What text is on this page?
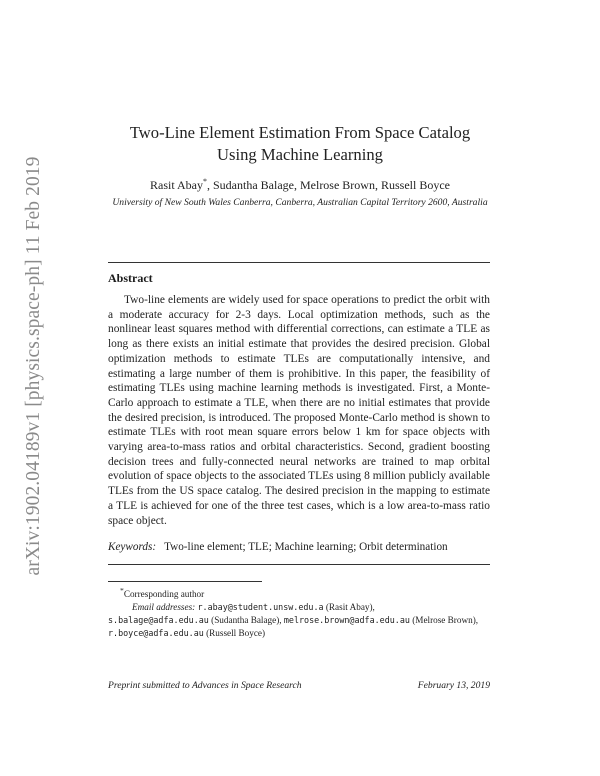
arXiv:1902.04189v1 [physics.space-ph] 11 Feb 2019
Two-Line Element Estimation From Space Catalog
Using Machine Learning
Rasit Abay*, Sudantha Balage, Melrose Brown, Russell Boyce
University of New South Wales Canberra, Canberra, Australian Capital Territory 2600, Australia
Abstract
Two-line elements are widely used for space operations to predict the orbit with a moderate accuracy for 2-3 days. Local optimization methods, such as the nonlinear least squares method with differential corrections, can estimate a TLE as long as there exists an initial estimate that provides the desired precision. Global optimization methods to estimate TLEs are computationally intensive, and estimating a large number of them is prohibitive. In this paper, the feasibility of estimating TLEs using machine learning methods is investigated. First, a Monte-Carlo approach to estimate a TLE, when there are no initial estimates that provide the desired precision, is introduced. The proposed Monte-Carlo method is shown to estimate TLEs with root mean square errors below 1 km for space objects with varying area-to-mass ratios and orbital characteristics. Second, gradient boosting decision trees and fully-connected neural networks are trained to map orbital evolution of space objects to the associated TLEs using 8 million publicly available TLEs from the US space catalog. The desired precision in the mapping to estimate a TLE is achieved for one of the three test cases, which is a low area-to-mass ratio space object.
Keywords: Two-line element; TLE; Machine learning; Orbit determination
*Corresponding author
Email addresses: r.abay@student.unsw.edu.a (Rasit Abay),
s.balage@adfa.edu.au (Sudantha Balage), melrose.brown@adfa.edu.au (Melrose Brown), r.boyce@adfa.edu.au (Russell Boyce)
Preprint submitted to Advances in Space Research	February 13, 2019
